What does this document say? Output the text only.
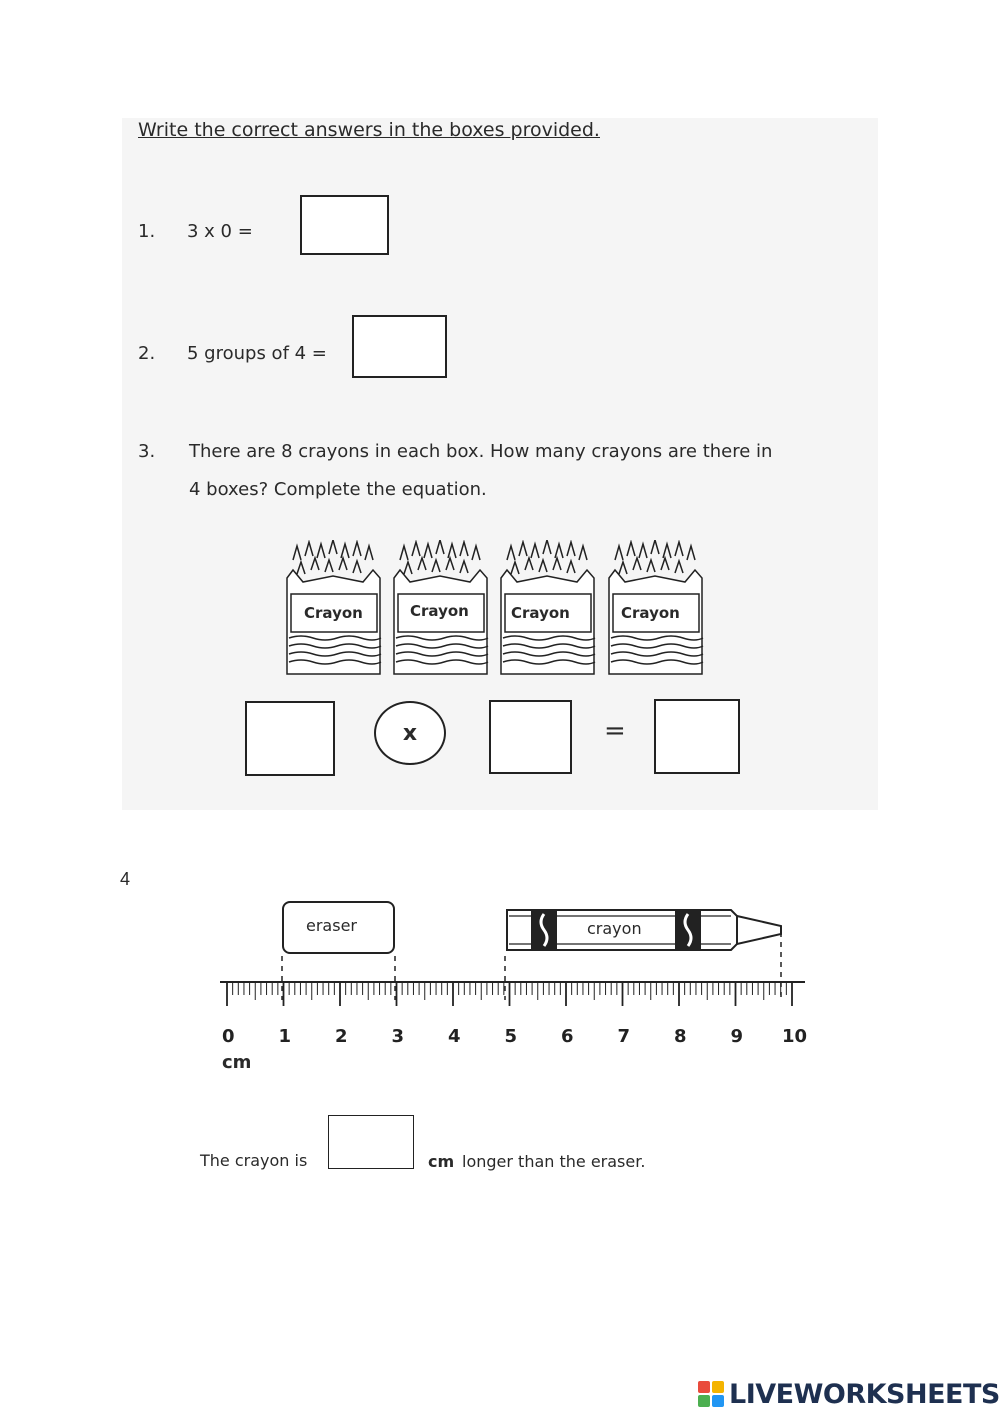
Write the correct answers in the boxes provided.
1. 3 x 0 =
2. 5 groups of 4 =
3. There are 8 crayons in each box. How many crayons are there in
4 boxes? Complete the equation.
Crayon	Crayon	Crayon	Crayon
x	=
4
eraser	crayon
0 1 2 3 4 5 6 7 8 9 10
cm
The crayon is	cm longer than the eraser.
LIVEWORKSHEETS
